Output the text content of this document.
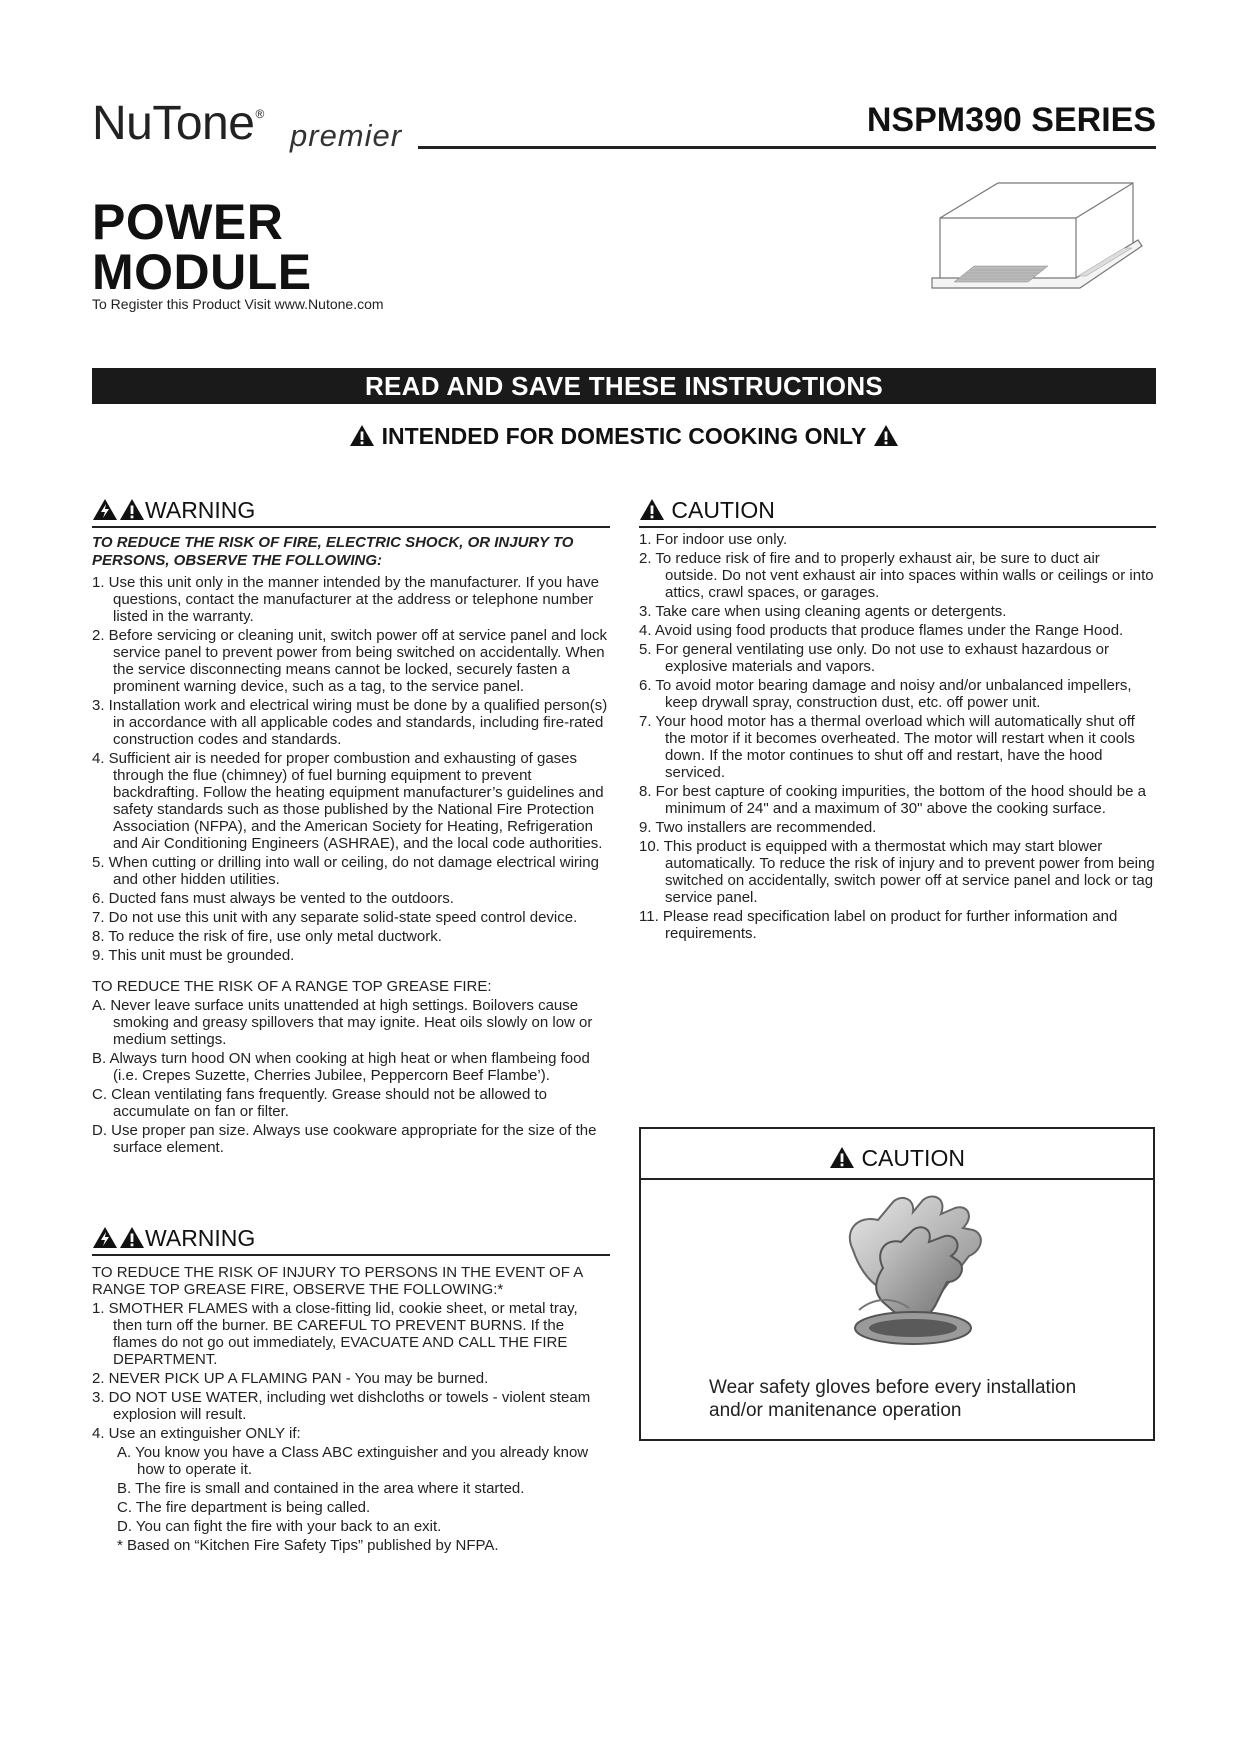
NuTone®
premier	NSPM390 SERIES
POWER
MODULE
To Register this Product Visit www.Nutone.com
READ AND SAVE THESE INSTRUCTIONS
INTENDED FOR DOMESTIC COOKING ONLY
WARNING
TO REDUCE THE RISK OF FIRE, ELECTRIC SHOCK, OR INJURY TO PERSONS, OBSERVE THE FOLLOWING:
1. Use this unit only in the manner intended by the manufacturer. If you have questions, contact the manufacturer at the address or telephone number listed in the warranty.
2. Before servicing or cleaning unit, switch power off at service panel and lock service panel to prevent power from being switched on accidentally. When the service disconnecting means cannot be locked, securely fasten a prominent warning device, such as a tag, to the service panel.
3. Installation work and electrical wiring must be done by a qualified person(s) in accordance with all applicable codes and standards, including fire-rated construction codes and standards.
4. Sufficient air is needed for proper combustion and exhausting of gases through the flue (chimney) of fuel burning equipment to prevent backdrafting. Follow the heating equipment manufacturer’s guidelines and safety standards such as those published by the National Fire Protection Association (NFPA), and the American Society for Heating, Refrigeration and Air Conditioning Engineers (ASHRAE), and the local code authorities.
5. When cutting or drilling into wall or ceiling, do not damage electrical wiring and other hidden utilities.
6. Ducted fans must always be vented to the outdoors.
7. Do not use this unit with any separate solid-state speed control device.
8. To reduce the risk of fire, use only metal ductwork.
9. This unit must be grounded.
TO REDUCE THE RISK OF A RANGE TOP GREASE FIRE:
A. Never leave surface units unattended at high settings. Boilovers cause smoking and greasy spillovers that may ignite. Heat oils slowly on low or medium settings.
B. Always turn hood ON when cooking at high heat or when flambeing food (i.e. Crepes Suzette, Cherries Jubilee, Peppercorn Beef Flambe’).
C. Clean ventilating fans frequently. Grease should not be allowed to accumulate on fan or filter.
D. Use proper pan size. Always use cookware appropriate for the size of the surface element.
WARNING
TO REDUCE THE RISK OF INJURY TO PERSONS IN THE EVENT OF A RANGE TOP GREASE FIRE, OBSERVE THE FOLLOWING:*
1. SMOTHER FLAMES with a close-fitting lid, cookie sheet, or metal tray, then turn off the burner. BE CAREFUL TO PREVENT BURNS. If the flames do not go out immediately, EVACUATE AND CALL THE FIRE DEPARTMENT.
2. NEVER PICK UP A FLAMING PAN - You may be burned.
3. DO NOT USE WATER, including wet dishcloths or towels - violent steam explosion will result.
4. Use an extinguisher ONLY if:
A. You know you have a Class ABC extinguisher and you already know how to operate it.
B. The fire is small and contained in the area where it started.
C. The fire department is being called.
D. You can fight the fire with your back to an exit.
* Based on “Kitchen Fire Safety Tips” published by NFPA.
CAUTION
1. For indoor use only.
2. To reduce risk of fire and to properly exhaust air, be sure to duct air outside. Do not vent exhaust air into spaces within walls or ceilings or into attics, crawl spaces, or garages.
3. Take care when using cleaning agents or detergents.
4. Avoid using food products that produce flames under the Range Hood.
5. For general ventilating use only. Do not use to exhaust hazardous or explosive materials and vapors.
6. To avoid motor bearing damage and noisy and/or unbalanced impellers, keep drywall spray, construction dust, etc. off power unit.
7. Your hood motor has a thermal overload which will automatically shut off the motor if it becomes overheated. The motor will restart when it cools down. If the motor continues to shut off and restart, have the hood serviced.
8. For best capture of cooking impurities, the bottom of the hood should be a minimum of 24" and a maximum of 30" above the cooking surface.
9. Two installers are recommended.
10. This product is equipped with a thermostat which may start blower automatically. To reduce the risk of injury and to prevent power from being switched on accidentally, switch power off at service panel and lock or tag service panel.
11. Please read specification label on product for further information and requirements.
CAUTION
Wear safety gloves before every installation and/or manitenance operation
